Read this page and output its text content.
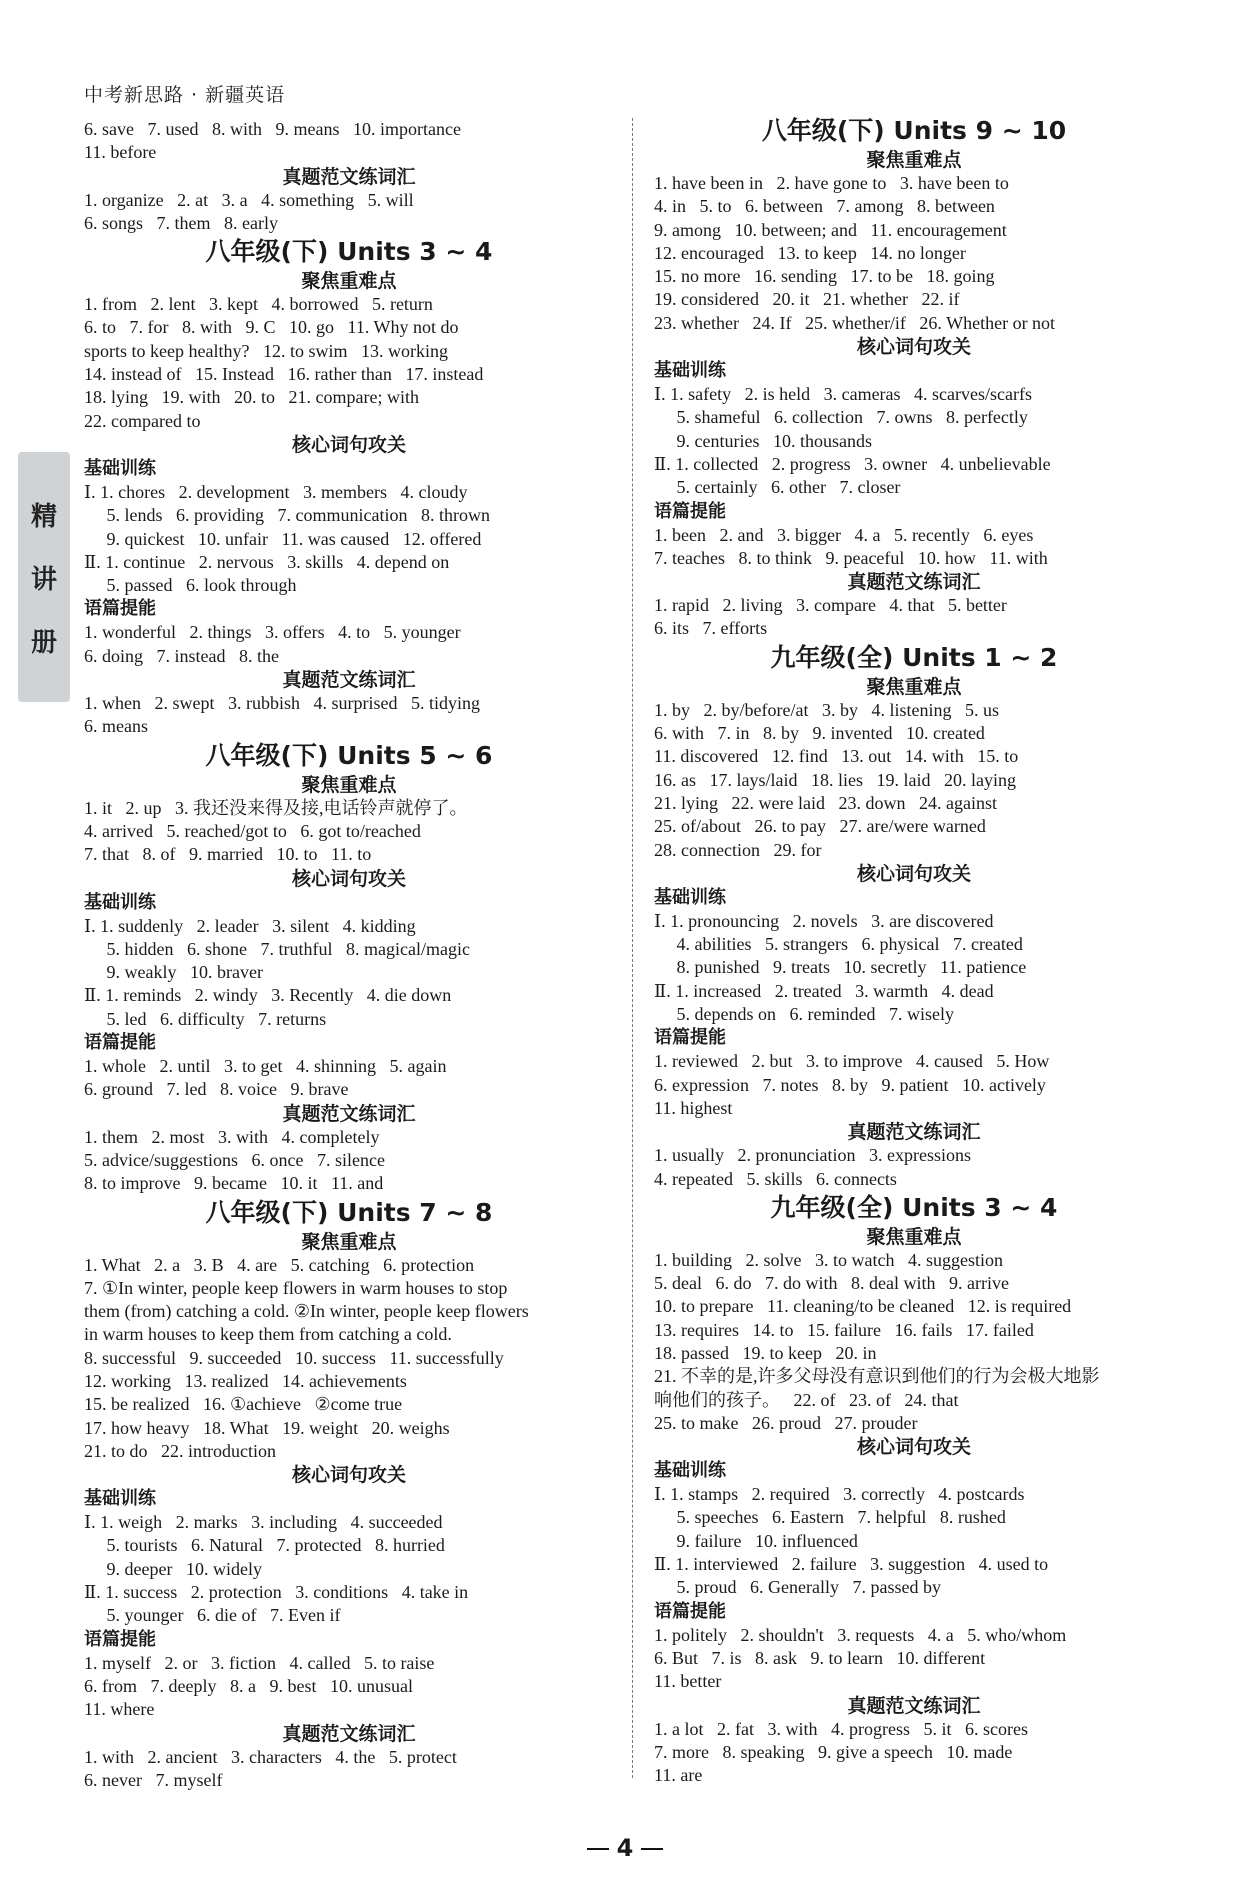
中考新思路 · 新疆英语
精
讲
册
6. save   7. used   8. with   9. means   10. importance
11. before
真题范文练词汇
1. organize   2. at   3. a   4. something   5. will
6. songs   7. them   8. early
八年级(下) Units 3 ~ 4
聚焦重难点
1. from   2. lent   3. kept   4. borrowed   5. return
6. to   7. for   8. with   9. C   10. go   11. Why not do
sports to keep healthy?   12. to swim   13. working
14. instead of   15. Instead   16. rather than   17. instead
18. lying   19. with   20. to   21. compare; with
22. compared to
核心词句攻关
基础训练
Ⅰ. 1. chores   2. development   3. members   4. cloudy
5. lends   6. providing   7. communication   8. thrown
9. quickest   10. unfair   11. was caused   12. offered
Ⅱ. 1. continue   2. nervous   3. skills   4. depend on
5. passed   6. look through
语篇提能
1. wonderful   2. things   3. offers   4. to   5. younger
6. doing   7. instead   8. the
真题范文练词汇
1. when   2. swept   3. rubbish   4. surprised   5. tidying
6. means
八年级(下) Units 5 ~ 6
聚焦重难点
1. it   2. up   3. 我还没来得及接,电话铃声就停了。
4. arrived   5. reached/got to   6. got to/reached
7. that   8. of   9. married   10. to   11. to
核心词句攻关
基础训练
Ⅰ. 1. suddenly   2. leader   3. silent   4. kidding
5. hidden   6. shone   7. truthful   8. magical/magic
9. weakly   10. braver
Ⅱ. 1. reminds   2. windy   3. Recently   4. die down
5. led   6. difficulty   7. returns
语篇提能
1. whole   2. until   3. to get   4. shinning   5. again
6. ground   7. led   8. voice   9. brave
真题范文练词汇
1. them   2. most   3. with   4. completely
5. advice/suggestions   6. once   7. silence
8. to improve   9. became   10. it   11. and
八年级(下) Units 7 ~ 8
聚焦重难点
1. What   2. a   3. B   4. are   5. catching   6. protection
7. ①In winter, people keep flowers in warm houses to stop
them (from) catching a cold. ②In winter, people keep flowers
in warm houses to keep them from catching a cold.
8. successful   9. succeeded   10. success   11. successfully
12. working   13. realized   14. achievements
15. be realized   16. ①achieve   ②come true
17. how heavy   18. What   19. weight   20. weighs
21. to do   22. introduction
核心词句攻关
基础训练
Ⅰ. 1. weigh   2. marks   3. including   4. succeeded
5. tourists   6. Natural   7. protected   8. hurried
9. deeper   10. widely
Ⅱ. 1. success   2. protection   3. conditions   4. take in
5. younger   6. die of   7. Even if
语篇提能
1. myself   2. or   3. fiction   4. called   5. to raise
6. from   7. deeply   8. a   9. best   10. unusual
11. where
真题范文练词汇
1. with   2. ancient   3. characters   4. the   5. protect
6. never   7. myself
八年级(下) Units 9 ~ 10
聚焦重难点
1. have been in   2. have gone to   3. have been to
4. in   5. to   6. between   7. among   8. between
9. among   10. between; and   11. encouragement
12. encouraged   13. to keep   14. no longer
15. no more   16. sending   17. to be   18. going
19. considered   20. it   21. whether   22. if
23. whether   24. If   25. whether/if   26. Whether or not
核心词句攻关
基础训练
Ⅰ. 1. safety   2. is held   3. cameras   4. scarves/scarfs
5. shameful   6. collection   7. owns   8. perfectly
9. centuries   10. thousands
Ⅱ. 1. collected   2. progress   3. owner   4. unbelievable
5. certainly   6. other   7. closer
语篇提能
1. been   2. and   3. bigger   4. a   5. recently   6. eyes
7. teaches   8. to think   9. peaceful   10. how   11. with
真题范文练词汇
1. rapid   2. living   3. compare   4. that   5. better
6. its   7. efforts
九年级(全) Units 1 ~ 2
聚焦重难点
1. by   2. by/before/at   3. by   4. listening   5. us
6. with   7. in   8. by   9. invented   10. created
11. discovered   12. find   13. out   14. with   15. to
16. as   17. lays/laid   18. lies   19. laid   20. laying
21. lying   22. were laid   23. down   24. against
25. of/about   26. to pay   27. are/were warned
28. connection   29. for
核心词句攻关
基础训练
Ⅰ. 1. pronouncing   2. novels   3. are discovered
4. abilities   5. strangers   6. physical   7. created
8. punished   9. treats   10. secretly   11. patience
Ⅱ. 1. increased   2. treated   3. warmth   4. dead
5. depends on   6. reminded   7. wisely
语篇提能
1. reviewed   2. but   3. to improve   4. caused   5. How
6. expression   7. notes   8. by   9. patient   10. actively
11. highest
真题范文练词汇
1. usually   2. pronunciation   3. expressions
4. repeated   5. skills   6. connects
九年级(全) Units 3 ~ 4
聚焦重难点
1. building   2. solve   3. to watch   4. suggestion
5. deal   6. do   7. do with   8. deal with   9. arrive
10. to prepare   11. cleaning/to be cleaned   12. is required
13. requires   14. to   15. failure   16. fails   17. failed
18. passed   19. to keep   20. in
21. 不幸的是,许多父母没有意识到他们的行为会极大地影
响他们的孩子。   22. of   23. of   24. that
25. to make   26. proud   27. prouder
核心词句攻关
基础训练
Ⅰ. 1. stamps   2. required   3. correctly   4. postcards
5. speeches   6. Eastern   7. helpful   8. rushed
9. failure   10. influenced
Ⅱ. 1. interviewed   2. failure   3. suggestion   4. used to
5. proud   6. Generally   7. passed by
语篇提能
1. politely   2. shouldn't   3. requests   4. a   5. who/whom
6. But   7. is   8. ask   9. to learn   10. different
11. better
真题范文练词汇
1. a lot   2. fat   3. with   4. progress   5. it   6. scores
7. more   8. speaking   9. give a speech   10. made
11. are
4
